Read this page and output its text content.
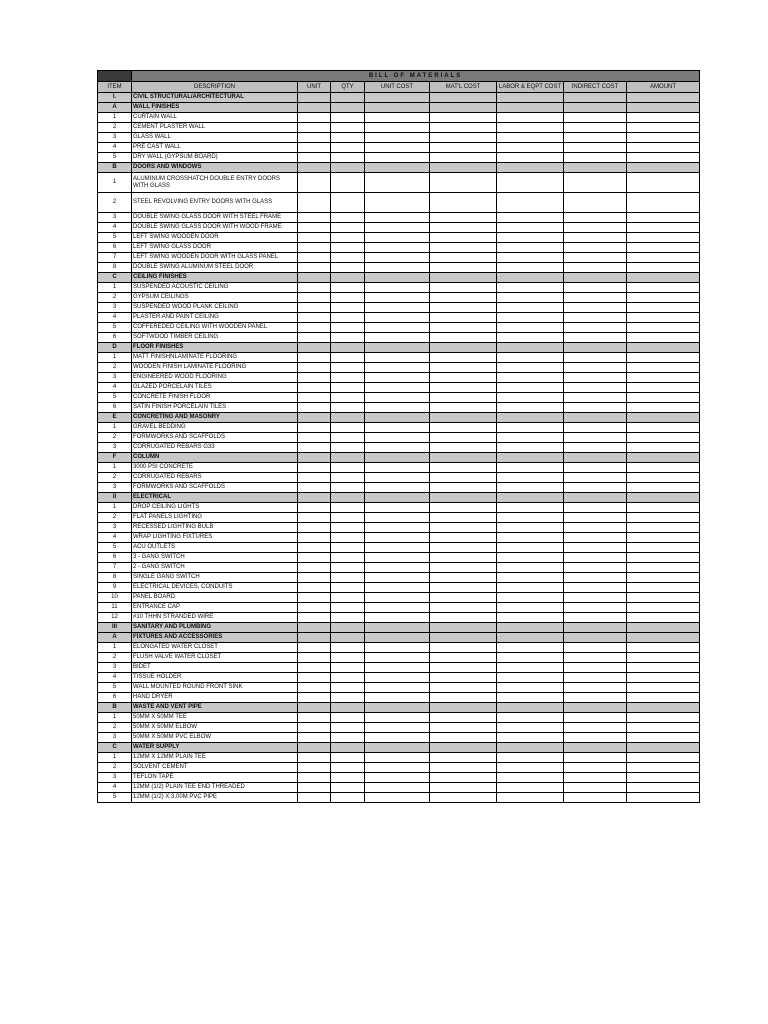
	BILL OF MATERIALS							
ITEM	DESCRIPTION	UNIT	QTY	UNIT COST	MAT'L COST	LABOR & EQPT COST	INDIRECT COST	AMOUNT
I.	CIVIL STRUCTURAL/ARCHITECTURAL							
A	WALL FINISHES							
1	CURTAIN WALL							
2	CEMENT PLASTER WALL							
3	GLASS WALL							
4	PRE CAST WALL							
5	DRY WALL (GYPSUM BOARD)							
B	DOORS AND WINDOWS							
1	ALUMINUM CROSSHATCH DOUBLE ENTRY DOORS WITH GLASS							
2	STEEL REVOLVING ENTRY DOORS WITH GLASS							
3	DOUBLE SWING GLASS DOOR WITH STEEL FRAME							
4	DOUBLE SWING GLASS DOOR WITH WOOD FRAME							
5	LEFT SWING WOODEN DOOR							
6	LEFT SWING GLASS DOOR							
7	LEFT SWING WOODEN DOOR WITH GLASS PANEL							
8	DOUBLE SWING ALUMINUM STEEL DOOR							
C	CEILING FINISHES							
1	SUSPENDED ACOUSTIC CEILING							
2	GYPSUM CEILINGS							
3	SUSPENDED WOOD PLANK CEILING							
4	PLASTER AND PAINT CEILING							
5	COFFEREDED CEILING WITH WOODEN PANEL							
6	SOFTWOOD TIMBER CEILING							
D	FLOOR FINISHES							
1	MATT FINISHNLAMINATE FLOORING							
2	WOODEN FINISH LAMINATE FLOORING							
3	ENGINEERED WOOD FLOORING							
4	GLAZED PORCELAIN TILES							
5	CONCRETE FINISH FLOOR							
6	SATIN FINISH PORCELAIN TILES							
E	CONCRETING AND MASONRY							
1	GRAVEL BEDDING							
2	FORMWORKS AND SCAFFOLDS							
3	CORRUGATED REBARS G33							
F	COLUMN							
1	3000 PSI CONCRETE							
2	CORRUGATED REBARS							
3	FORMWORKS AND SCAFFOLDS							
II	ELECTRICAL							
1	DROP CEILING LIGHTS							
2	FLAT PANELS LIGHTING							
3	RECESSED LIGHTING BULB							
4	WRAP LIGHTING FIXTURES							
5	ACU OUTLETS							
6	3 - GANG SWITCH							
7	2 - GANG SWITCH							
8	SINGLE GANG SWITCH							
9	ELECTRICAL DEVICES, CONDUITS							
10	PANEL BOARD							
11	ENTRANCE CAP							
12	#10 THHN STRANDED WIRE							
III	SANITARY AND PLUMBING							
A	FIXTURES AND ACCESSORIES							
1	ELONGATED WATER CLOSET							
2	FLUSH VALVE WATER CLOSET							
3	BIDET							
4	TISSUE HOLDER							
5	WALL MOUNTED ROUND FRONT SINK							
6	HAND DRYER							
B	WASTE AND VENT PIPE							
1	50MM X 50MM TEE							
2	50MM X 50MM ELBOW							
3	50MM X 50MM PVC ELBOW							
C	WATER SUPPLY							
1	12MM X 12MM PLAIN TEE							
2	SOLVENT CEMENT							
3	TEFLON TAPE							
4	12MM (1/2) PLAIN TEE END THREADED							
5	12MM (1/2) X 3.00M PVC PIPE							
